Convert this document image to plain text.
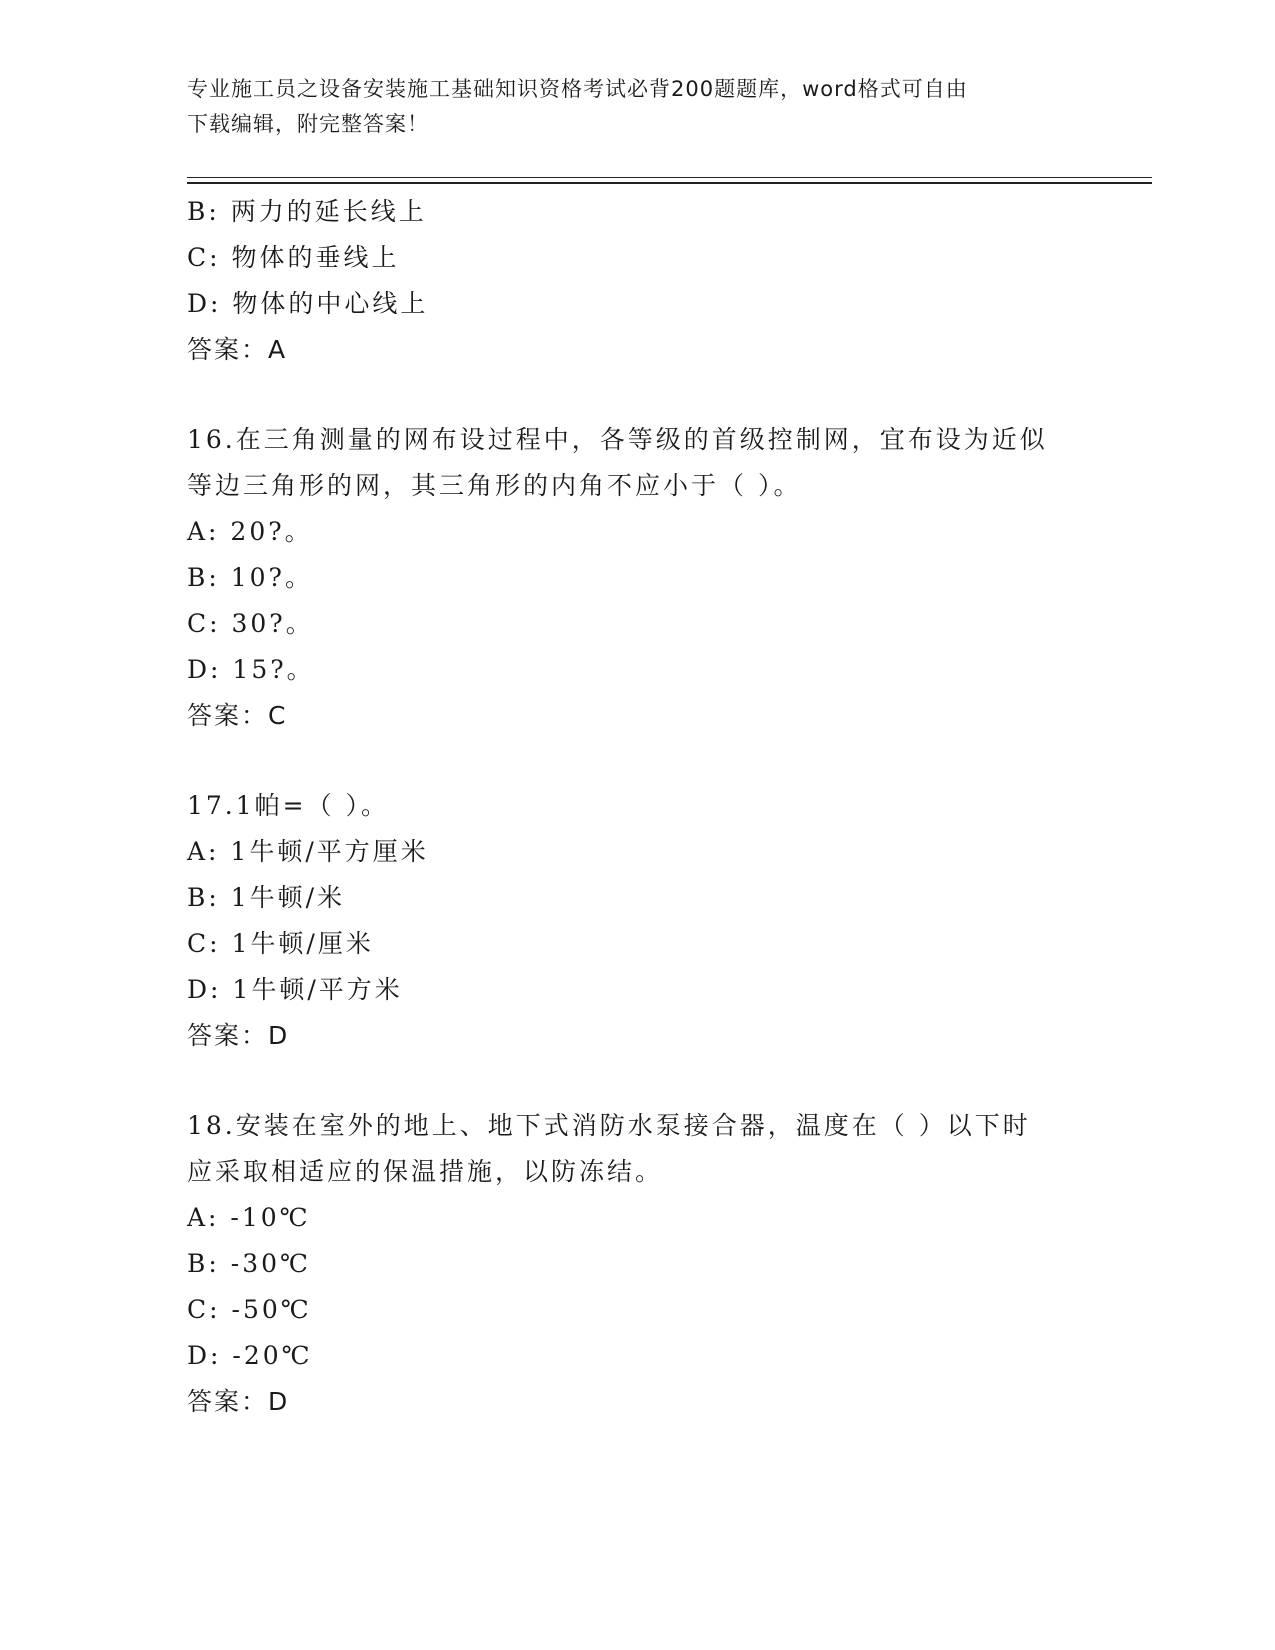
专业施工员之设备安装施工基础知识资格考试必背200题题库，word格式可自由
下载编辑，附完整答案！
B: 两力的延长线上
C: 物体的垂线上
D: 物体的中心线上
答案：A
16.在三角测量的网布设过程中，各等级的首级控制网，宜布设为近似
等边三角形的网，其三角形的内角不应小于（ ）。
A: 20?。
B: 10?。
C: 30?。
D: 15?。
答案：C
17.1帕=（ ）。
A: 1牛顿/平方厘米
B: 1牛顿/米
C: 1牛顿/厘米
D: 1牛顿/平方米
答案：D
18.安装在室外的地上、地下式消防水泵接合器，温度在（ ）以下时
应采取相适应的保温措施，以防冻结。
A: -10℃
B: -30℃
C: -50℃
D: -20℃
答案：D
